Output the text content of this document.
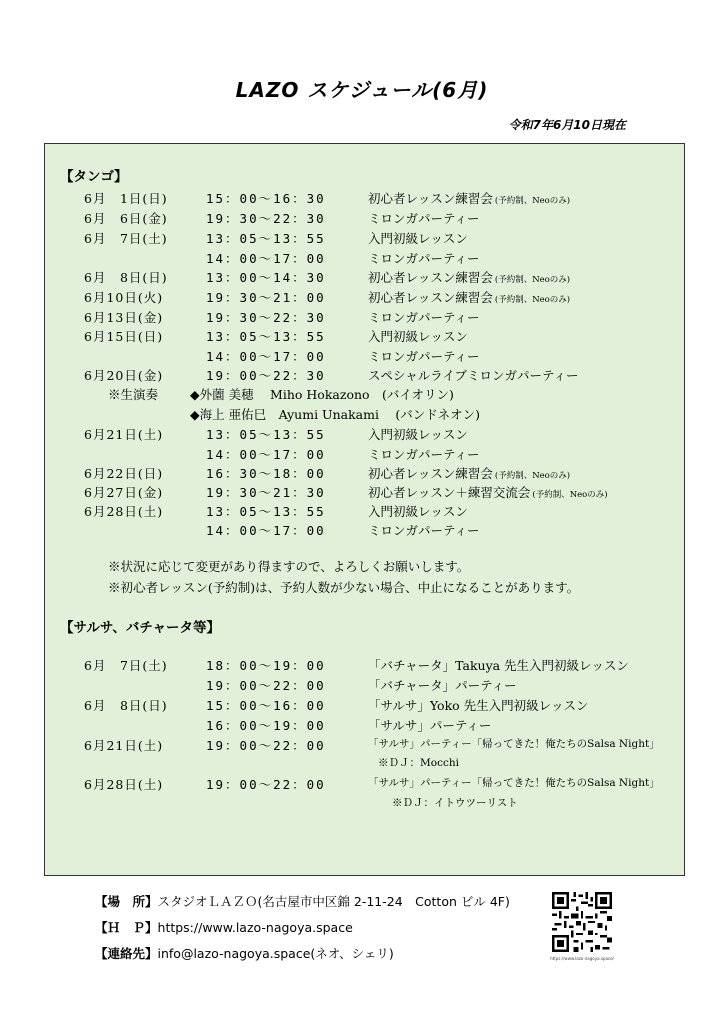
LAZO スケジュール(6月)
令和7年6月10日現在
【タンゴ】
6月　1日(日)	15：00〜16：30	初心者レッスン練習会 (予約制、Neoのみ)
6月　6日(金)	19：30〜22：30	ミロンガパーティー
6月　7日(土)	13：05〜13：55	入門初級レッスン
14：00〜17：00	ミロンガパーティー
6月　8日(日)	13：00〜14：30	初心者レッスン練習会 (予約制、Neoのみ)
6月10日(火)	19：30〜21：00	初心者レッスン練習会 (予約制、Neoのみ)
6月13日(金)	19：30〜22：30	ミロンガパーティー
6月15日(日)	13：05〜13：55	入門初級レッスン
14：00〜17：00	ミロンガパーティー
6月20日(金)	19：00〜22：30	スペシャルライブミロンガパーティー
※生演奏	◆外薗 美穂　 Miho Hokazono　(バイオリン)
◆海上 亜佑巳　Ayumi Unakami　 (バンドネオン)
6月21日(土)	13：05〜13：55	入門初級レッスン
14：00〜17：00	ミロンガパーティー
6月22日(日)	16：30〜18：00	初心者レッスン練習会 (予約制、Neoのみ)
6月27日(金)	19：30〜21：30	初心者レッスン＋練習交流会 (予約制、Neoのみ)
6月28日(土)	13：05〜13：55	入門初級レッスン
14：00〜17：00	ミロンガパーティー
※状況に応じて変更があり得ますので、よろしくお願いします。
※初心者レッスン(予約制)は、予約人数が少ない場合、中止になることがあります。
【サルサ、バチャータ等】
6月　7日(土)	18：00〜19：00	「バチャータ」Takuya 先生入門初級レッスン
19：00〜22：00	「バチャータ」パーティー
6月　8日(日)	15：00〜16：00	「サルサ」Yoko 先生入門初級レッスン
16：00〜19：00	「サルサ」パーティー
6月21日(土)	19：00〜22：00	「サルサ」パーティー「帰ってきた！俺たちのSalsa Night」
※ＤＪ：Mocchi
6月28日(土)	19：00〜22：00	「サルサ」パーティー「帰ってきた！俺たちのSalsa Night」
※ＤＪ：イトウツーリスト
【場　所】スタジオＬＡＺＯ(名古屋市中区錦 2-11-24　Cotton ビル 4F)
【Ｈ　Ｐ】https://www.lazo-nagoya.space
【連絡先】info@lazo-nagoya.space(ネオ、シェリ)	https://www.lazo-nagoya.space/
